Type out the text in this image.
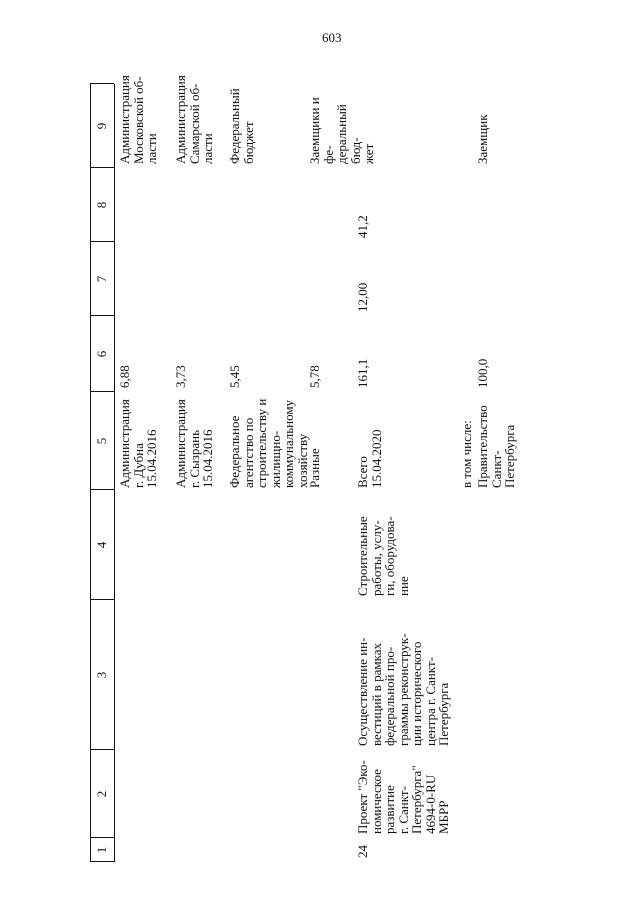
603
1
2
3
4
5
6
7
8
9
Администрация
г. Дубна
15.04.2016
6,88
Администрация
Московской об-
ласти
Администрация
г. Сызрань
15.04.2016
3,73
Администрация
Самарской об-
ласти
Федеральное
агентство по
строительству и
жилищно-
коммунальному
хозяйству
5,45
Федеральный
бюджет
Разные
5,78
Заемщики и фе-
деральный бюд-
жет
24
Проект "Эко-
номическое
развитие
г. Санкт-
Петербурга"
4694-0-RU
МБРР
Осуществление ин-
вестиций в рамках
федеральной про-
граммы реконструк-
ции исторического
центра г. Санкт-
Петербурга
Строительные
работы, услу-
ги, оборудова-
ние
Всего
15.04.2020
161,1
12,00
41,2
в том числе: Правительство
Санкт-
Петербурга
100,0
Заемщик
